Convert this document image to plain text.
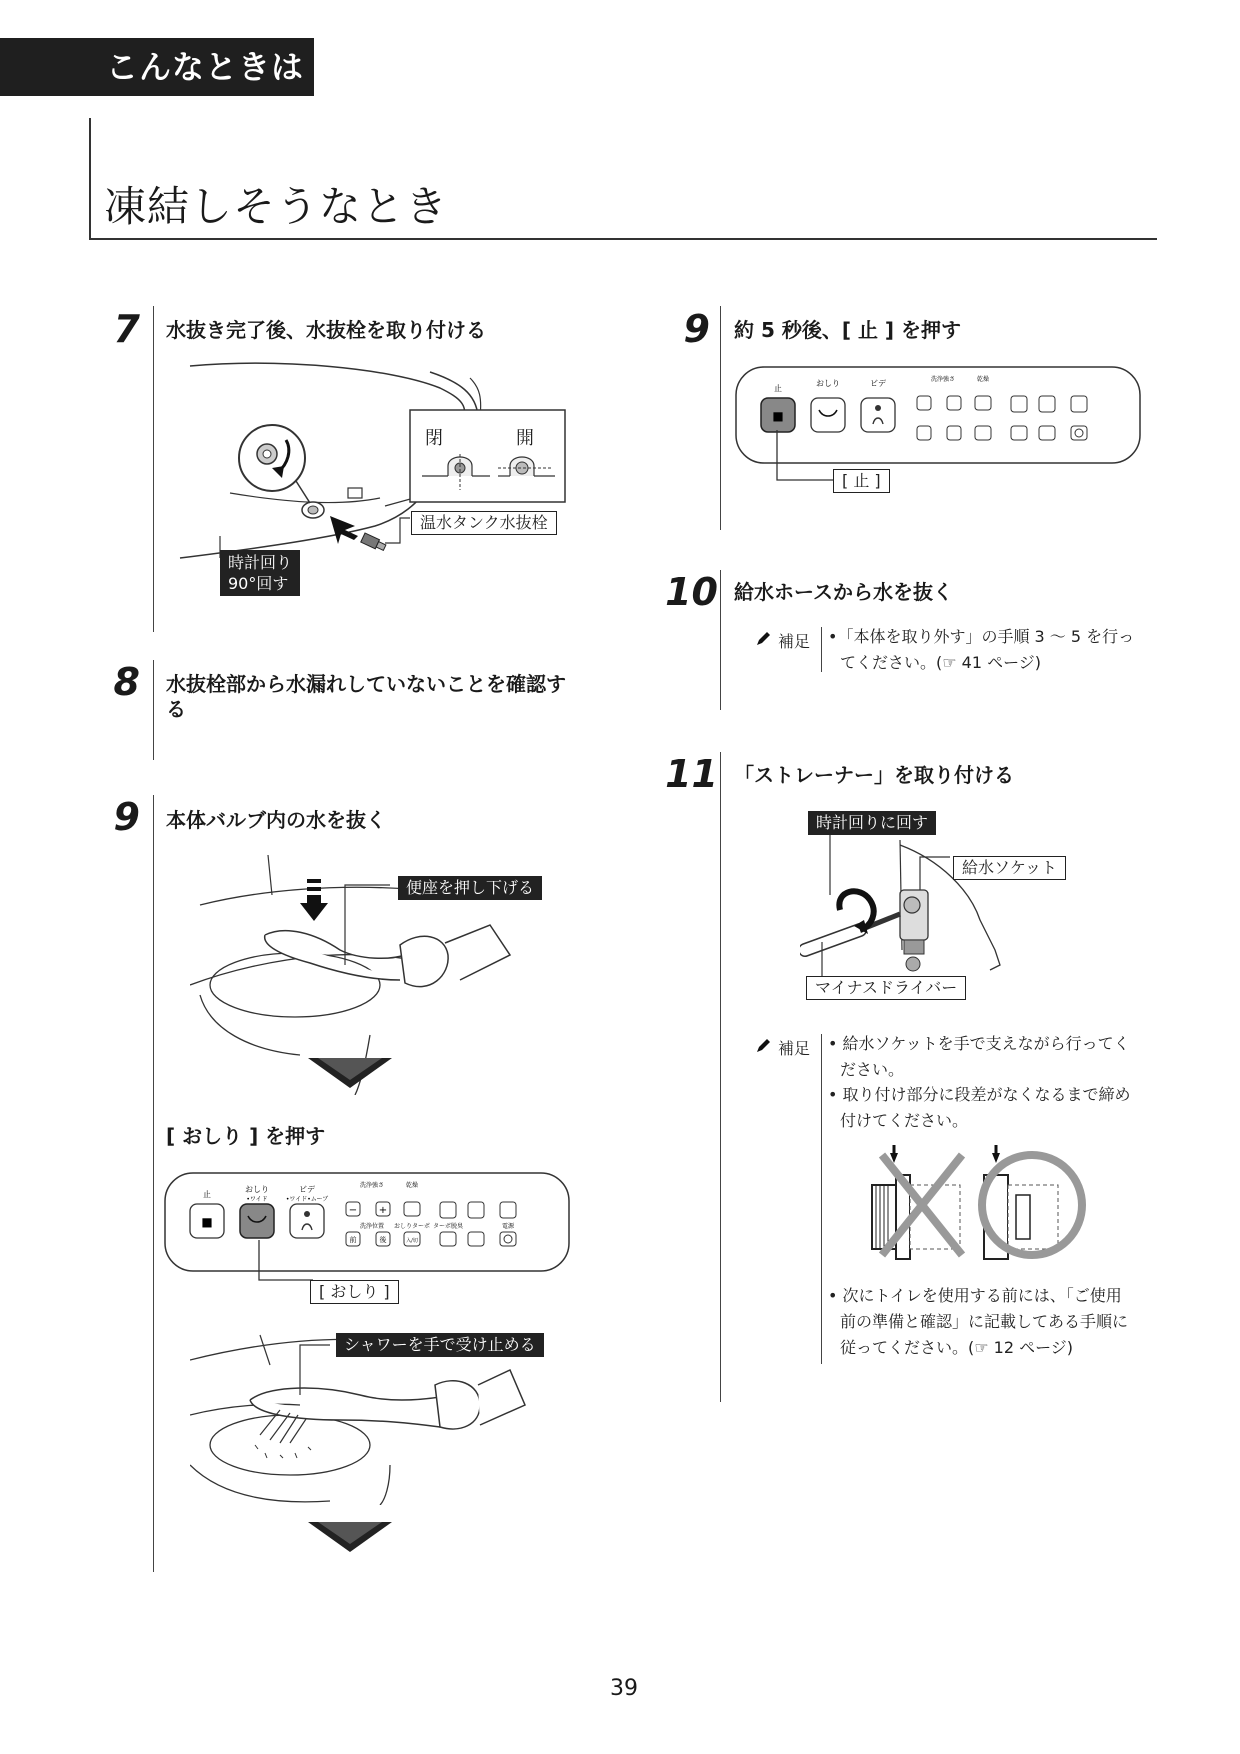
こんなときは
凍結しそうなとき
7 水抜き完了後、水抜栓を取り付ける
閉	開
温水タンク水抜栓
時計回り
90°回す
8 水抜栓部から水漏れしていないことを確認する
9 本体バルブ内の水を抜く
便座を押し下げる
[ おしり ] を押す
止
■
おしり
•ワイド
ビデ
•ワイド•ムーブ
洗浄強さ
− +
乾燥
洗浄位置
前	後
おしりターボ
入/切
ターボ脱臭	電源
[ おしり ]
シャワーを手で受け止める
9 約 5 秒後、[ 止 ] を押す
止
■
おしり	ビデ	洗浄強さ	乾燥
[ 止 ]
10 給水ホースから水を抜く
補足 •「本体を取り外す」の手順 3 〜 5 を行っ
てください。(☞ 41 ページ)
11 「ストレーナー」を取り付ける
時計回りに回す
給水ソケット
マイナスドライバー
補足 • 給水ソケットを手で支えながら行ってく
ださい。
• 取り付け部分に段差がなくなるまで締め
付けてください。
• 次にトイレを使用する前には、「ご使用
前の準備と確認」に記載してある手順に
従ってください。(☞ 12 ページ)
39
